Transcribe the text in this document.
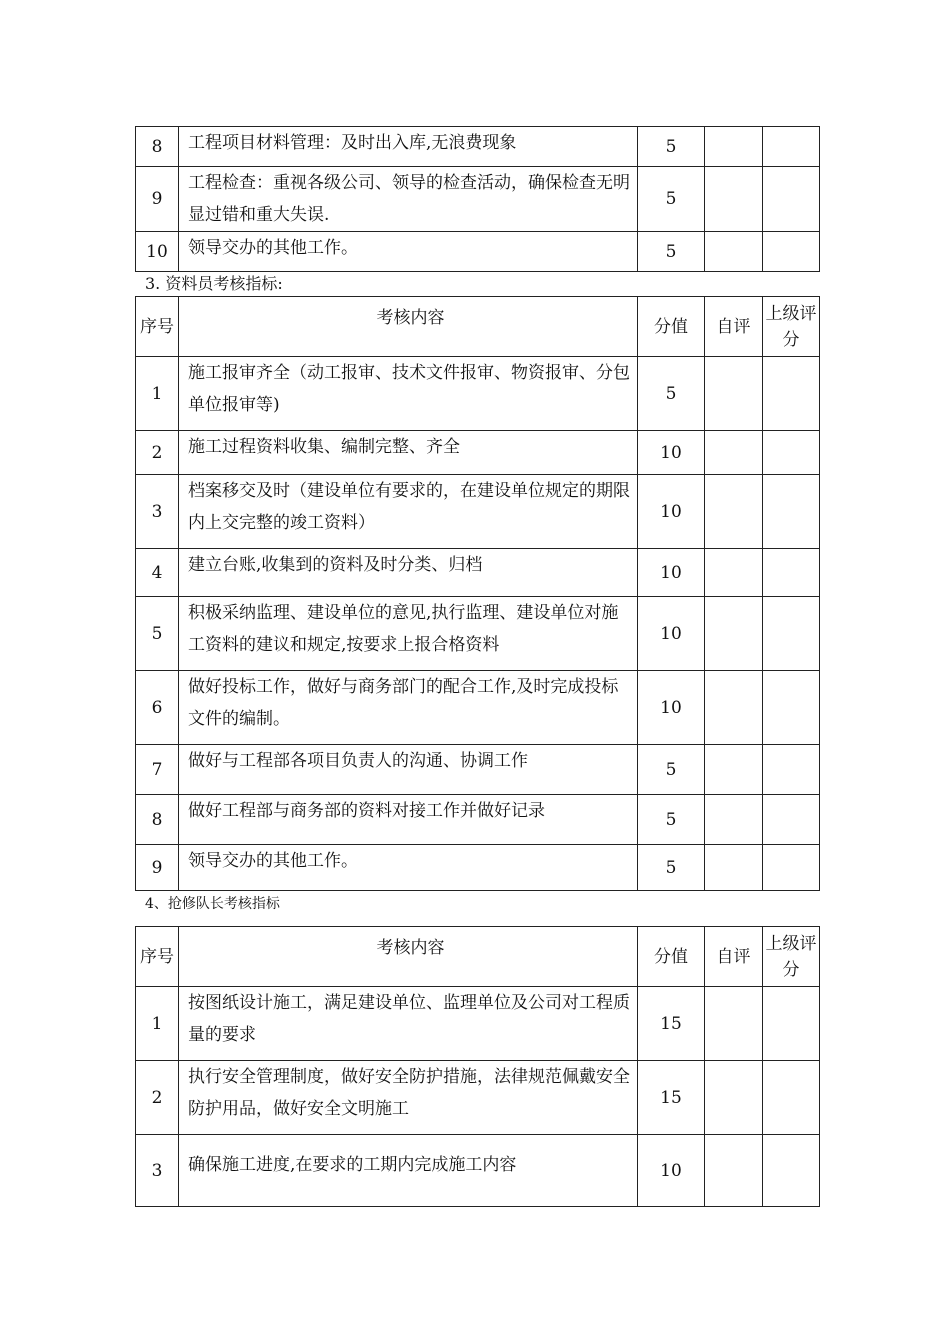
8	工程项目材料管理：及时出入库,无浪费现象	5		
9	工程检查：重视各级公司、领导的检查活动，确保检查无明显过错和重大失误.	5		
10	领导交办的其他工作。	5		
3. 资料员考核指标:
序号	考核内容	分值	自评	上级评分
1	施工报审齐全（动工报审、技术文件报审、物资报审、分包单位报审等)	5		
2	施工过程资料收集、编制完整、齐全	10		
3	档案移交及时（建设单位有要求的，在建设单位规定的期限内上交完整的竣工资料）	10		
4	建立台账,收集到的资料及时分类、归档	10		
5	积极采纳监理、建设单位的意见,执行监理、建设单位对施工资料的建议和规定,按要求上报合格资料	10		
6	做好投标工作，做好与商务部门的配合工作,及时完成投标文件的编制。	10		
7	做好与工程部各项目负责人的沟通、协调工作	5		
8	做好工程部与商务部的资料对接工作并做好记录	5		
9	领导交办的其他工作。	5		
4、抢修队长考核指标
序号	考核内容	分值	自评	上级评分
1	按图纸设计施工，满足建设单位、监理单位及公司对工程质量的要求	15		
2	执行安全管理制度，做好安全防护措施，法律规范佩戴安全防护用品，做好安全文明施工	15		
3	确保施工进度,在要求的工期内完成施工内容	10		
